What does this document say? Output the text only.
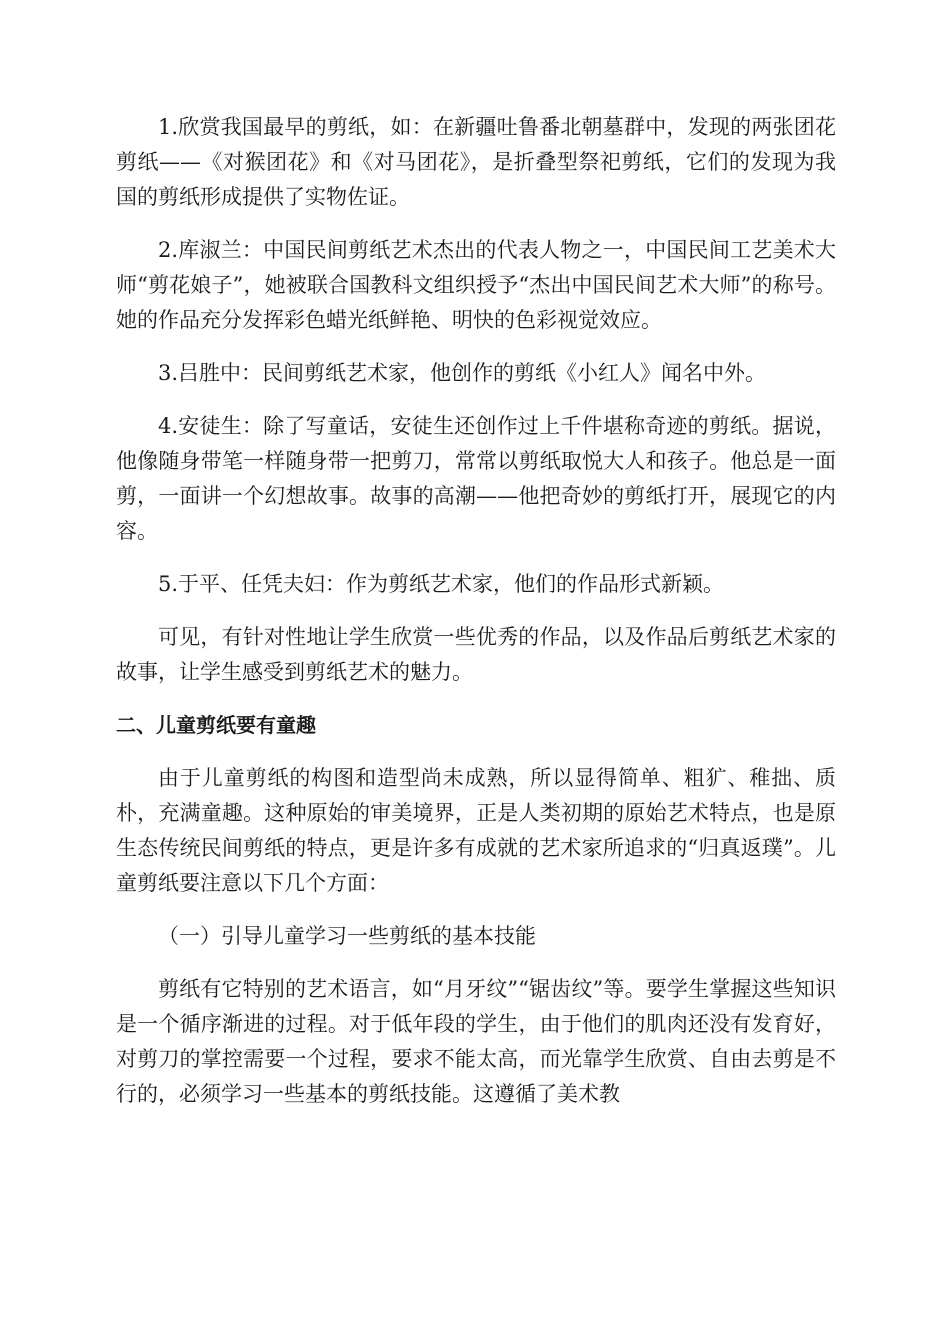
1.欣赏我国最早的剪纸，如：在新疆吐鲁番北朝墓群中，发现的两张团花剪纸——《对猴团花》和《对马团花》，是折叠型祭祀剪纸，它们的发现为我国的剪纸形成提供了实物佐证。

2.库淑兰：中国民间剪纸艺术杰出的代表人物之一，中国民间工艺美术大师“剪花娘子”，她被联合国教科文组织授予“杰出中国民间艺术大师”的称号。她的作品充分发挥彩色蜡光纸鲜艳、明快的色彩视觉效应。

3.吕胜中：民间剪纸艺术家，他创作的剪纸《小红人》闻名中外。

4.安徒生：除了写童话，安徒生还创作过上千件堪称奇迹的剪纸。据说，他像随身带笔一样随身带一把剪刀，常常以剪纸取悦大人和孩子。他总是一面剪，一面讲一个幻想故事。故事的高潮——他把奇妙的剪纸打开，展现它的内容。

5.于平、任凭夫妇：作为剪纸艺术家，他们的作品形式新颖。

可见，有针对性地让学生欣赏一些优秀的作品，以及作品后剪纸艺术家的故事，让学生感受到剪纸艺术的魅力。

二、儿童剪纸要有童趣

由于儿童剪纸的构图和造型尚未成熟，所以显得简单、粗犷、稚拙、质朴，充满童趣。这种原始的审美境界，正是人类初期的原始艺术特点，也是原生态传统民间剪纸的特点，更是许多有成就的艺术家所追求的“归真返璞”。儿童剪纸要注意以下几个方面：

（一）引导儿童学习一些剪纸的基本技能

剪纸有它特别的艺术语言，如“月牙纹”“锯齿纹”等。要学生掌握这些知识是一个循序渐进的过程。对于低年段的学生，由于他们的肌肉还没有发育好，对剪刀的掌控需要一个过程，要求不能太高，而光靠学生欣赏、自由去剪是不行的，必须学习一些基本的剪纸技能。这遵循了美术教
